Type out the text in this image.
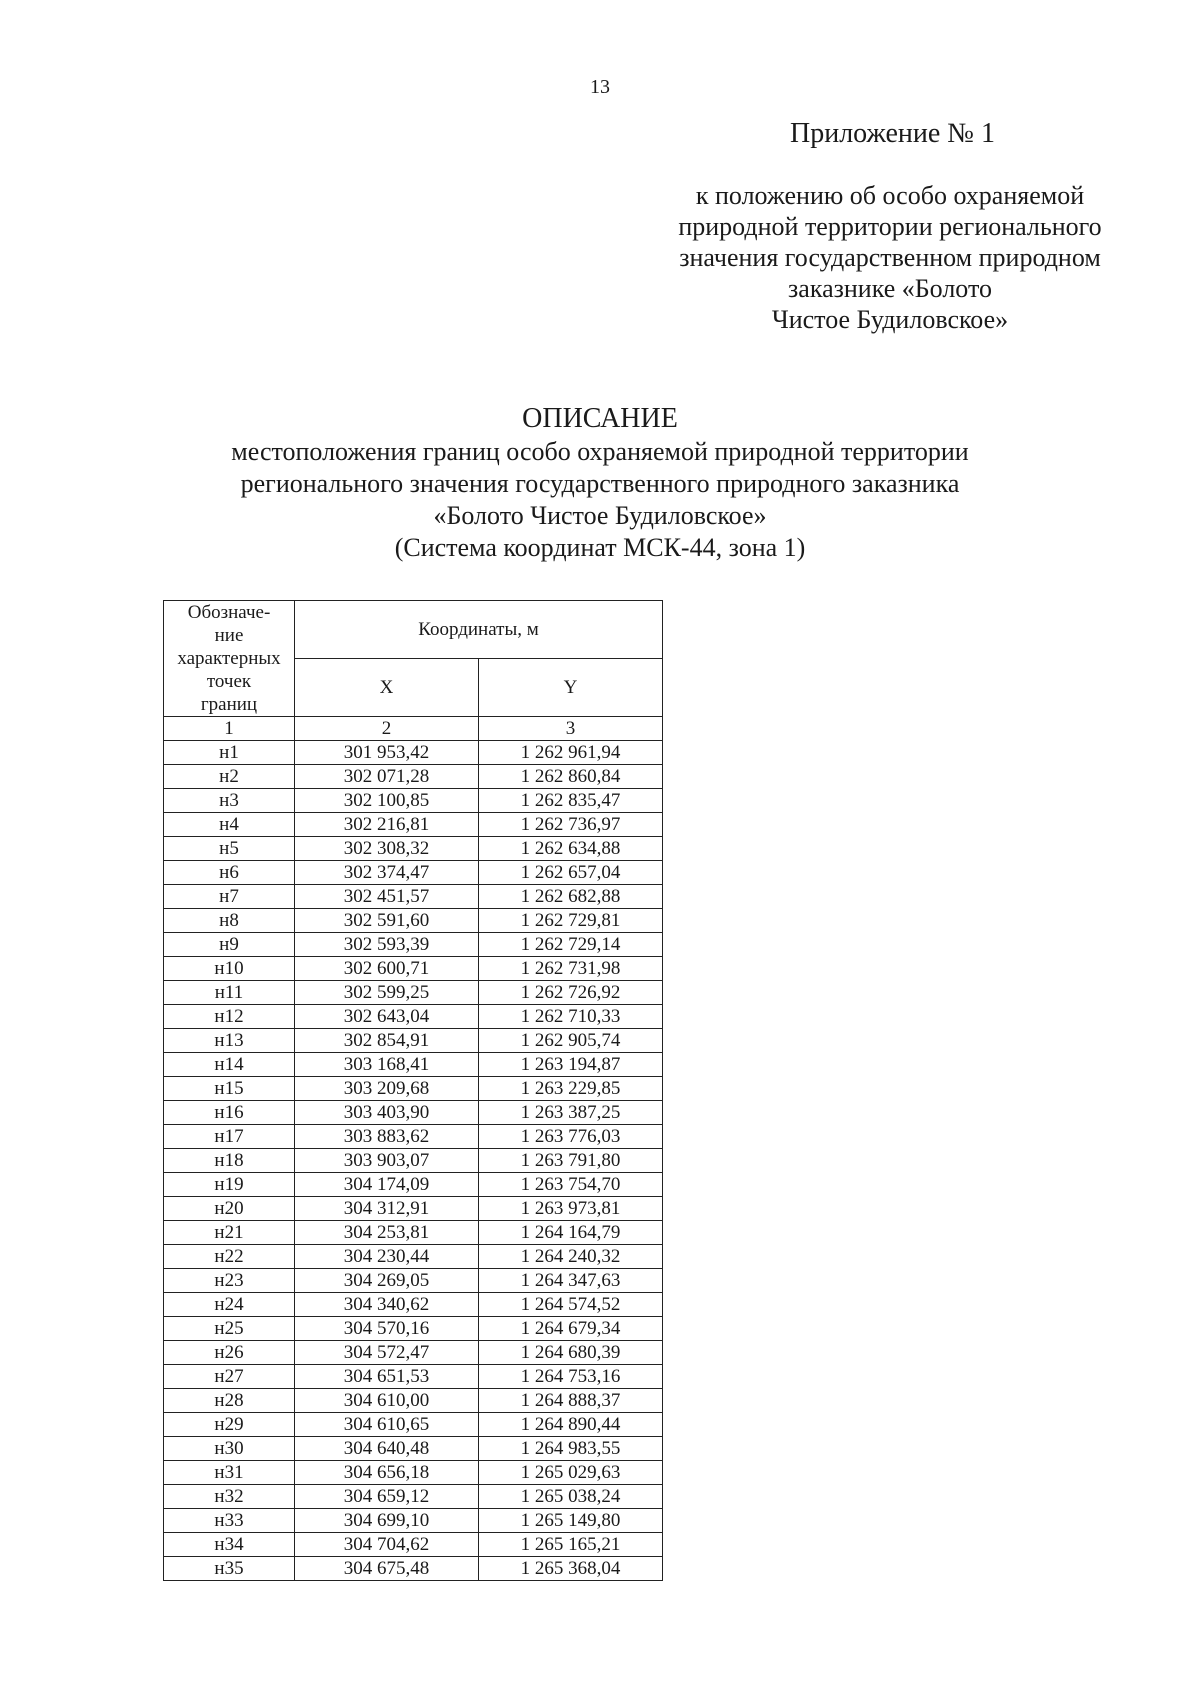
13
Приложение № 1
к положению об особо охраняемой
природной территории регионального
значения государственном природном
заказнике «Болото
Чистое Будиловское»
ОПИСАНИЕ
местоположения границ особо охраняемой природной территории
регионального значения государственного природного заказника
«Болото Чистое Будиловское»
(Система координат МСК-44, зона 1)
Обозначе-
ние
характерных
точек
границ	Координаты, м	
	X	Y
1	2	3
н1	301 953,42	1 262 961,94
н2	302 071,28	1 262 860,84
н3	302 100,85	1 262 835,47
н4	302 216,81	1 262 736,97
н5	302 308,32	1 262 634,88
н6	302 374,47	1 262 657,04
н7	302 451,57	1 262 682,88
н8	302 591,60	1 262 729,81
н9	302 593,39	1 262 729,14
н10	302 600,71	1 262 731,98
н11	302 599,25	1 262 726,92
н12	302 643,04	1 262 710,33
н13	302 854,91	1 262 905,74
н14	303 168,41	1 263 194,87
н15	303 209,68	1 263 229,85
н16	303 403,90	1 263 387,25
н17	303 883,62	1 263 776,03
н18	303 903,07	1 263 791,80
н19	304 174,09	1 263 754,70
н20	304 312,91	1 263 973,81
н21	304 253,81	1 264 164,79
н22	304 230,44	1 264 240,32
н23	304 269,05	1 264 347,63
н24	304 340,62	1 264 574,52
н25	304 570,16	1 264 679,34
н26	304 572,47	1 264 680,39
н27	304 651,53	1 264 753,16
н28	304 610,00	1 264 888,37
н29	304 610,65	1 264 890,44
н30	304 640,48	1 264 983,55
н31	304 656,18	1 265 029,63
н32	304 659,12	1 265 038,24
н33	304 699,10	1 265 149,80
н34	304 704,62	1 265 165,21
н35	304 675,48	1 265 368,04
